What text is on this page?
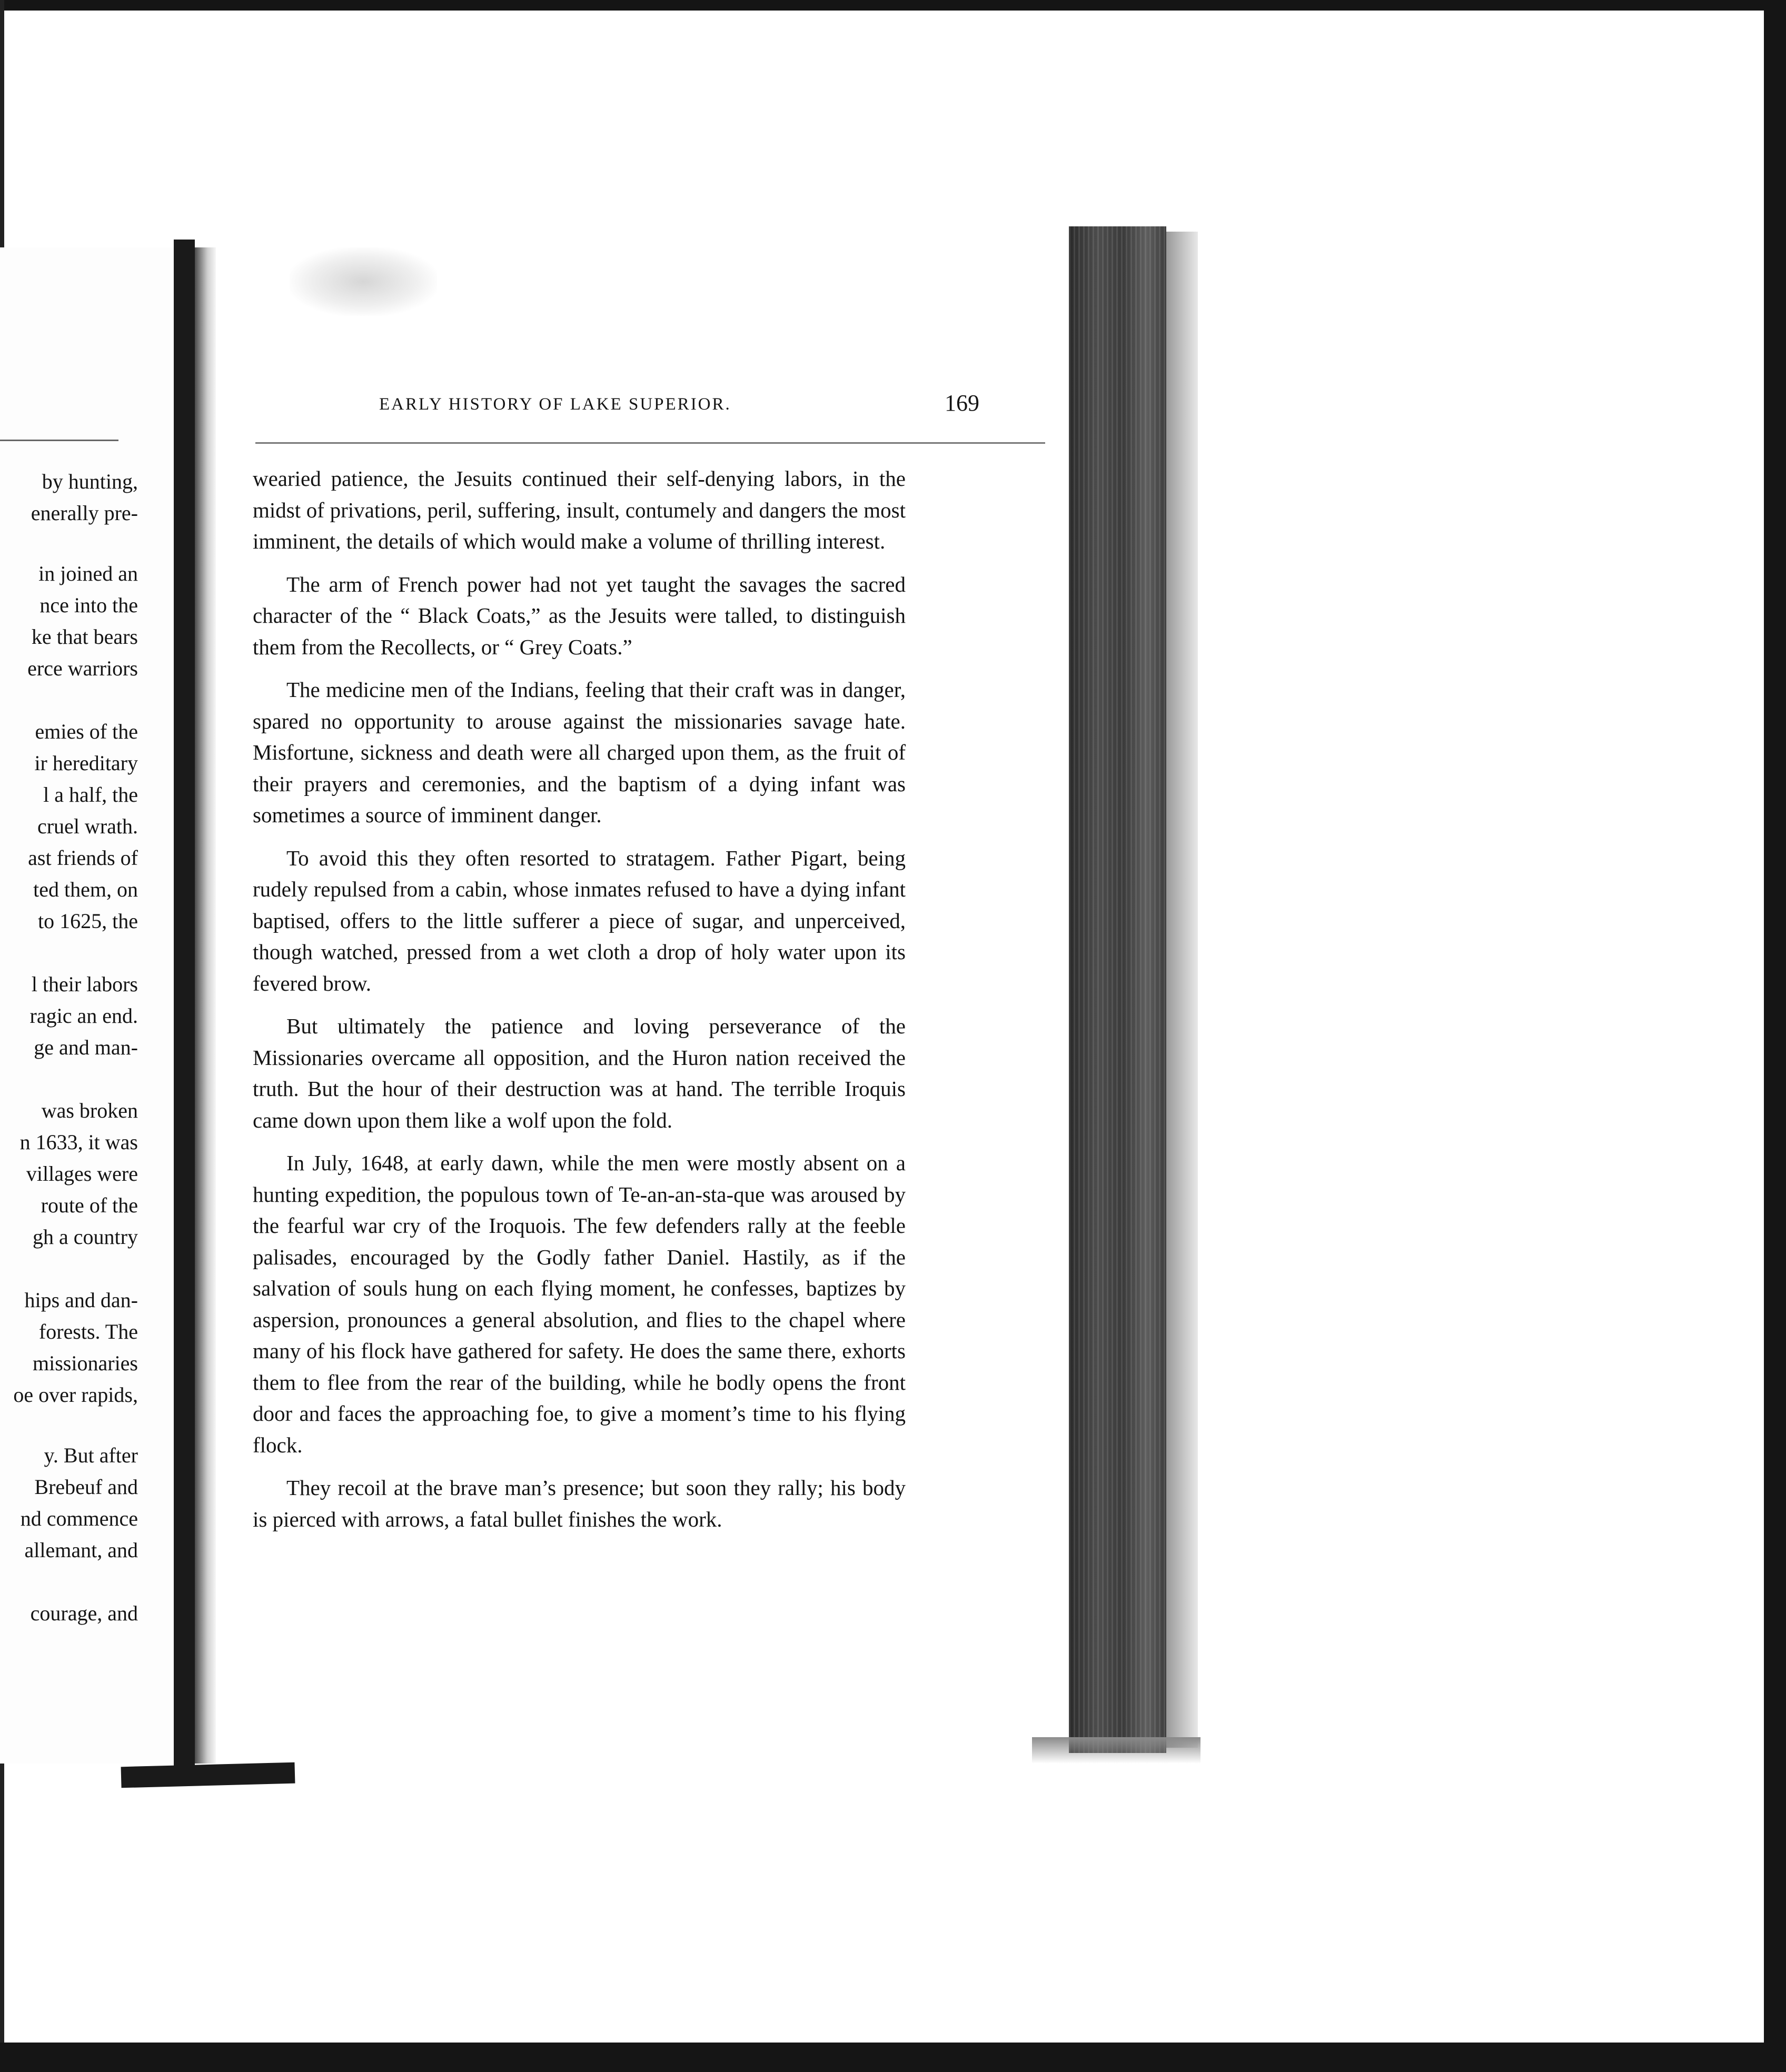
by hunting,
enerally pre-
in joined an
nce into the
ke that bears
erce warriors
emies of the
ir hereditary
l a half, the
cruel wrath.
ast friends of
ted them, on
to 1625, the
l their labors
ragic an end.
ge and man-
was broken
n 1633, it was
villages were
route of the
gh a country
hips and dan-
forests. The
missionaries
oe over rapids,
y. But after
Brebeuf and
nd commence
allemant, and
courage, and
EARLY HISTORY OF LAKE SUPERIOR.	169

wearied patience, the Jesuits continued their self-denying labors, in the midst of privations, peril, suffering, insult, contumely and dangers the most imminent, the details of which would make a volume of thrilling interest.

The arm of French power had not yet taught the savages the sacred character of the “ Black Coats,” as the Jesuits were talled, to distinguish them from the Recollects, or “ Grey Coats.”

The medicine men of the Indians, feeling that their craft was in danger, spared no opportunity to arouse against the missionaries savage hate. Misfortune, sickness and death were all charged upon them, as the fruit of their prayers and ceremonies, and the baptism of a dying infant was sometimes a source of imminent danger.

To avoid this they often resorted to stratagem. Father Pigart, being rudely repulsed from a cabin, whose inmates refused to have a dying infant baptised, offers to the little sufferer a piece of sugar, and unperceived, though watched, pressed from a wet cloth a drop of holy water upon its fevered brow.

But ultimately the patience and loving perseverance of the Missionaries overcame all opposition, and the Huron nation received the truth. But the hour of their destruction was at hand. The terrible Iroquis came down upon them like a wolf upon the fold.

In July, 1648, at early dawn, while the men were mostly absent on a hunting expedition, the populous town of Te-an-an-sta-que was aroused by the fearful war cry of the Iroquois. The few defenders rally at the feeble palisades, encouraged by the Godly father Daniel. Hastily, as if the salvation of souls hung on each flying moment, he confesses, baptizes by aspersion, pronounces a general absolution, and flies to the chapel where many of his flock have gathered for safety. He does the same there, exhorts them to flee from the rear of the building, while he bodly opens the front door and faces the approaching foe, to give a moment’s time to his flying flock.

They recoil at the brave man’s presence; but soon they rally; his body is pierced with arrows, a fatal bullet finishes the work.
